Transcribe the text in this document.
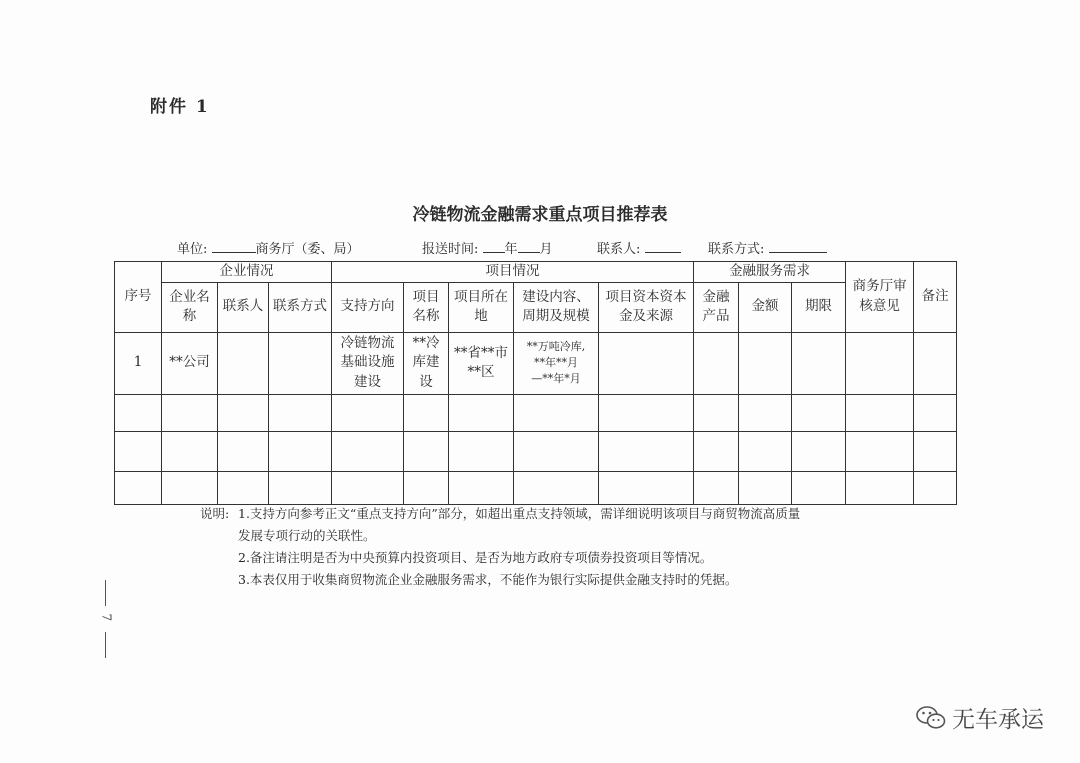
附件 1
冷链物流金融需求重点项目推荐表
单位:	商务厅（委、局）	报送时间: 年 月	联系人:	联系方式:
序号	企业情况			项目情况					金融服务需求			商务厅审核意见	备注
	企业名称	联系人	联系方式	支持方向	项目名称	项目所在地	建设内容、周期及规模	项目资本资本金及来源	金融产品	金额	期限		
1	**公司			冷链物流基础设施建设	**冷库建设	**省**市**区	**万吨冷库,
**年**月
—**年*月						

说明: 1.支持方向参考正文“重点支持方向”部分，如超出重点支持领域，需详细说明该项目与商贸物流高质量
发展专项行动的关联性。
2.备注请注明是否为中央预算内投资项目、是否为地方政府专项债券投资项目等情况。
3.本表仅用于收集商贸物流企业金融服务需求，不能作为银行实际提供金融支持时的凭据。
7
无车承运
